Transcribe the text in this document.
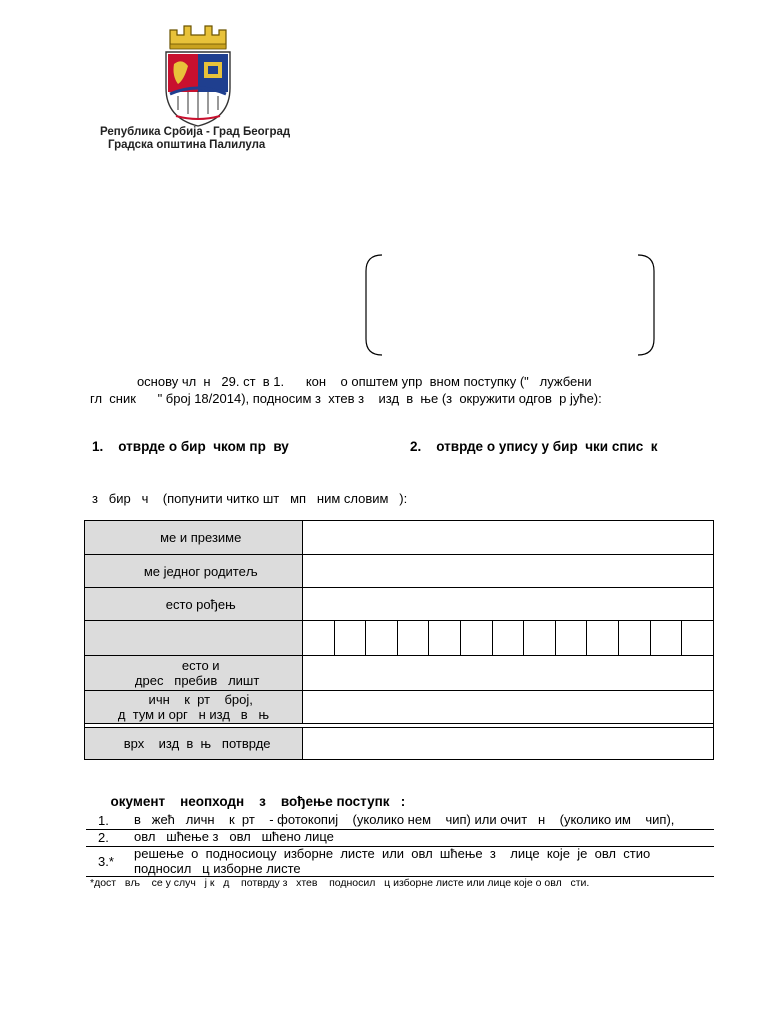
Република Србија - Град Београд
Градска општина Палилула
основу чл  н   29. ст  в 1.      кон    о општем упр  вном поступку ("   лужбени
гл  сник      " број 18/2014), подносим з  хтев з    изд  в  ње (з  окружити одгов  р јуће):
1.    отврде о бир  чком пр  ву	2.    отврде о упису у бир  чки спис  к
з   бир   ч    (попунити читко шт   мп   ним словим   ):
ме и презиме	
ме једног родитељ	
есто рођењ	

есто и
дрес   пребив   лишт	
ичн    к  рт    број,
д  тум и орг   н изд   в   њ	

врх    изд  в  њ   потврде	
окумент    неопходн    з    вођење поступк   :
1. в   жећ   личн    к  рт    - фотокопиј    (уколико нем    чип) или очит   н    (уколико им    чип),
2. овл   шћење з   овл   шћено лице
3.*
решење  о  подносиоцу  изборне  листе  или  овл  шћење  з    лице  које  је  овл  стио
подносил   ц изборне листе
*дост   вљ    се у случ   ј к   д    потврду з   хтев    подносил   ц изборне листе или лице које о овл   сти.
